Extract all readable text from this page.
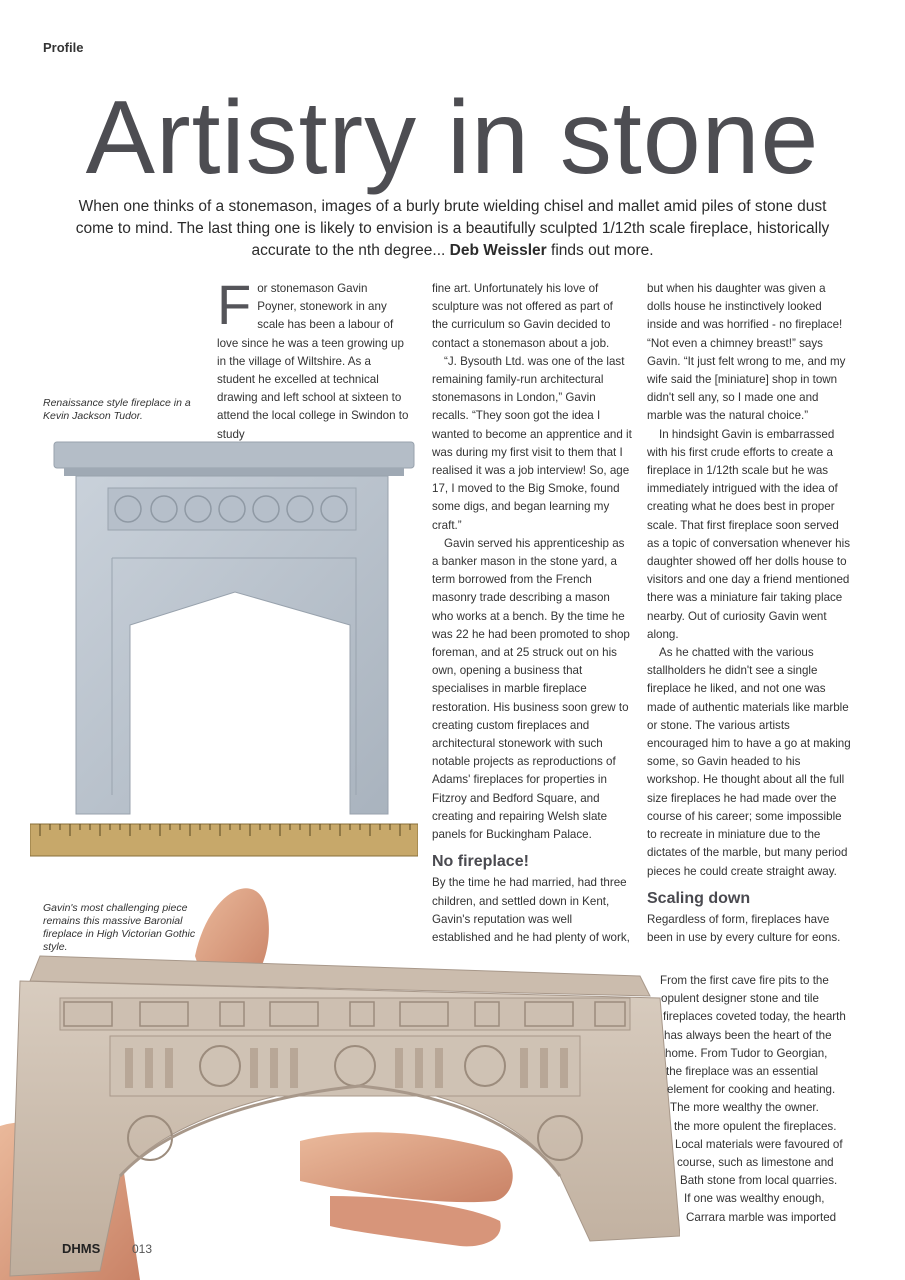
Profile
Artistry in stone
When one thinks of a stonemason, images of a burly brute wielding chisel and mallet amid piles of stone dust come to mind. The last thing one is likely to envision is a beautifully sculpted 1/12th scale fireplace, historically accurate to the nth degree... Deb Weissler finds out more.
Renaissance style fireplace in a Kevin Jackson Tudor.

For stonemason Gavin Poyner, stonework in any scale has been a labour of love since he was a teen growing up in the village of Wiltshire. As a student he excelled at technical drawing and left school at sixteen to attend the local college in Swindon to study

Gavin's most challenging piece remains this massive Baronial fireplace in High Victorian Gothic style.

fine art. Unfortunately his love of sculpture was not offered as part of the curriculum so Gavin decided to contact a stonemason about a job.

“J. Bysouth Ltd. was one of the last remaining family-run architectural stonemasons in London,” Gavin recalls. “They soon got the idea I wanted to become an apprentice and it was during my first visit to them that I realised it was a job interview! So, age 17, I moved to the Big Smoke, found some digs, and began learning my craft.”

Gavin served his apprenticeship as a banker mason in the stone yard, a term borrowed from the French masonry trade describing a mason who works at a bench. By the time he was 22 he had been promoted to shop foreman, and at 25 struck out on his own, opening a business that specialises in marble fireplace restoration. His business soon grew to creating custom fireplaces and architectural stonework with such notable projects as reproductions of Adams' fireplaces for properties in Fitzroy and Bedford Square, and creating and repairing Welsh slate panels for Buckingham Palace.

No fireplace!

By the time he had married, had three children, and settled down in Kent, Gavin's reputation was well established and he had plenty of work,

but when his daughter was given a dolls house he instinctively looked inside and was horrified - no fireplace! “Not even a chimney breast!” says Gavin. “It just felt wrong to me, and my wife said the [miniature] shop in town didn't sell any, so I made one and marble was the natural choice.”

In hindsight Gavin is embarrassed with his first crude efforts to create a fireplace in 1/12th scale but he was immediately intrigued with the idea of creating what he does best in proper scale. That first fireplace soon served as a topic of conversation whenever his daughter showed off her dolls house to visitors and one day a friend mentioned there was a miniature fair taking place nearby. Out of curiosity Gavin went along.

As he chatted with the various stallholders he didn't see a single fireplace he liked, and not one was made of authentic materials like marble or stone. The various artists encouraged him to have a go at making some, so Gavin headed to his workshop. He thought about all the full size fireplaces he had made over the course of his career; some impossible to recreate in miniature due to the dictates of the marble, but many period pieces he could create straight away.

Scaling down

Regardless of form, fireplaces have been in use by every culture for eons.

From the first cave fire pits to the
opulent designer stone and tile
fireplaces coveted today, the hearth
has always been the heart of the
home. From Tudor to Georgian,
the fireplace was an essential
element for cooking and heating.
The more wealthy the owner.
the more opulent the fireplaces.
Local materials were favoured of
course, such as limestone and
Bath stone from local quarries.
If one was wealthy enough,
Carrara marble was imported
DHMS	013
